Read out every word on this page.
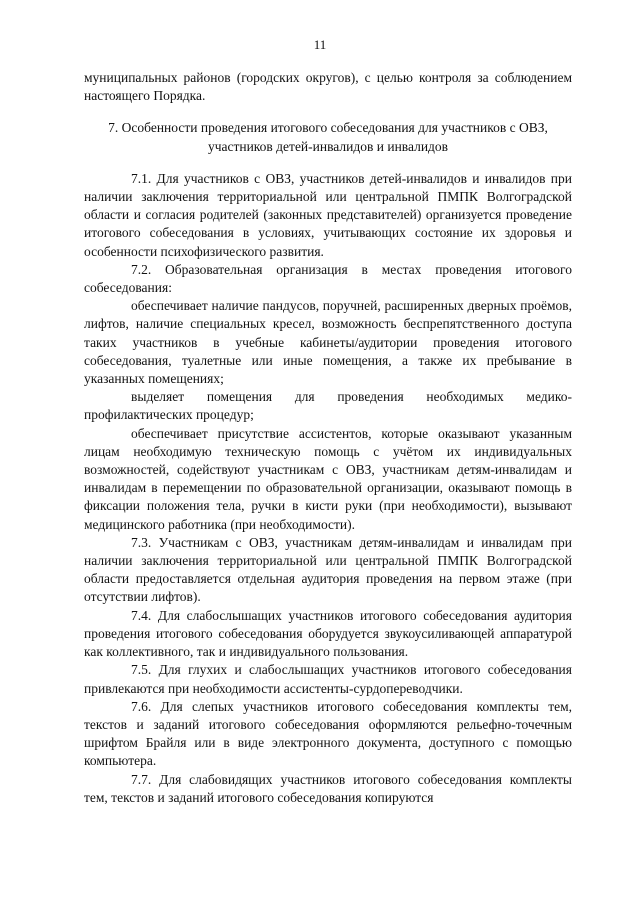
11

муниципальных районов (городских округов), с целью контроля за соблюдением настоящего Порядка.

7. Особенности проведения итогового собеседования для участников с ОВЗ, участников детей-инвалидов и инвалидов

7.1. Для участников с ОВЗ, участников детей-инвалидов и инвалидов при наличии заключения территориальной или центральной ПМПК Волгоградской области и согласия родителей (законных представителей) организуется проведение итогового собеседования в условиях, учитывающих состояние их здоровья и особенности психофизического развития.

7.2. Образовательная организация в местах проведения итогового собеседования:

обеспечивает наличие пандусов, поручней, расширенных дверных проёмов, лифтов, наличие специальных кресел, возможность беспрепятственного доступа таких участников в учебные кабинеты/аудитории проведения итогового собеседования, туалетные или иные помещения, а также их пребывание в указанных помещениях;

выделяет помещения для проведения необходимых медико-профилактических процедур;

обеспечивает присутствие ассистентов, которые оказывают указанным лицам необходимую техническую помощь с учётом их индивидуальных возможностей, содействуют участникам с ОВЗ, участникам детям-инвалидам и инвалидам в перемещении по образовательной организации, оказывают помощь в фиксации положения тела, ручки в кисти руки (при необходимости), вызывают медицинского работника (при необходимости).

7.3. Участникам с ОВЗ, участникам детям-инвалидам и инвалидам при наличии заключения территориальной или центральной ПМПК Волгоградской области предоставляется отдельная аудитория проведения на первом этаже (при отсутствии лифтов).

7.4. Для слабослышащих участников итогового собеседования аудитория проведения итогового собеседования оборудуется звукоусиливающей аппаратурой как коллективного, так и индивидуального пользования.

7.5. Для глухих и слабослышащих участников итогового собеседования привлекаются при необходимости ассистенты-сурдопереводчики.

7.6. Для слепых участников итогового собеседования комплекты тем, текстов и заданий итогового собеседования оформляются рельефно-точечным шрифтом Брайля или в виде электронного документа, доступного с помощью компьютера.

7.7. Для слабовидящих участников итогового собеседования комплекты тем, текстов и заданий итогового собеседования копируются
